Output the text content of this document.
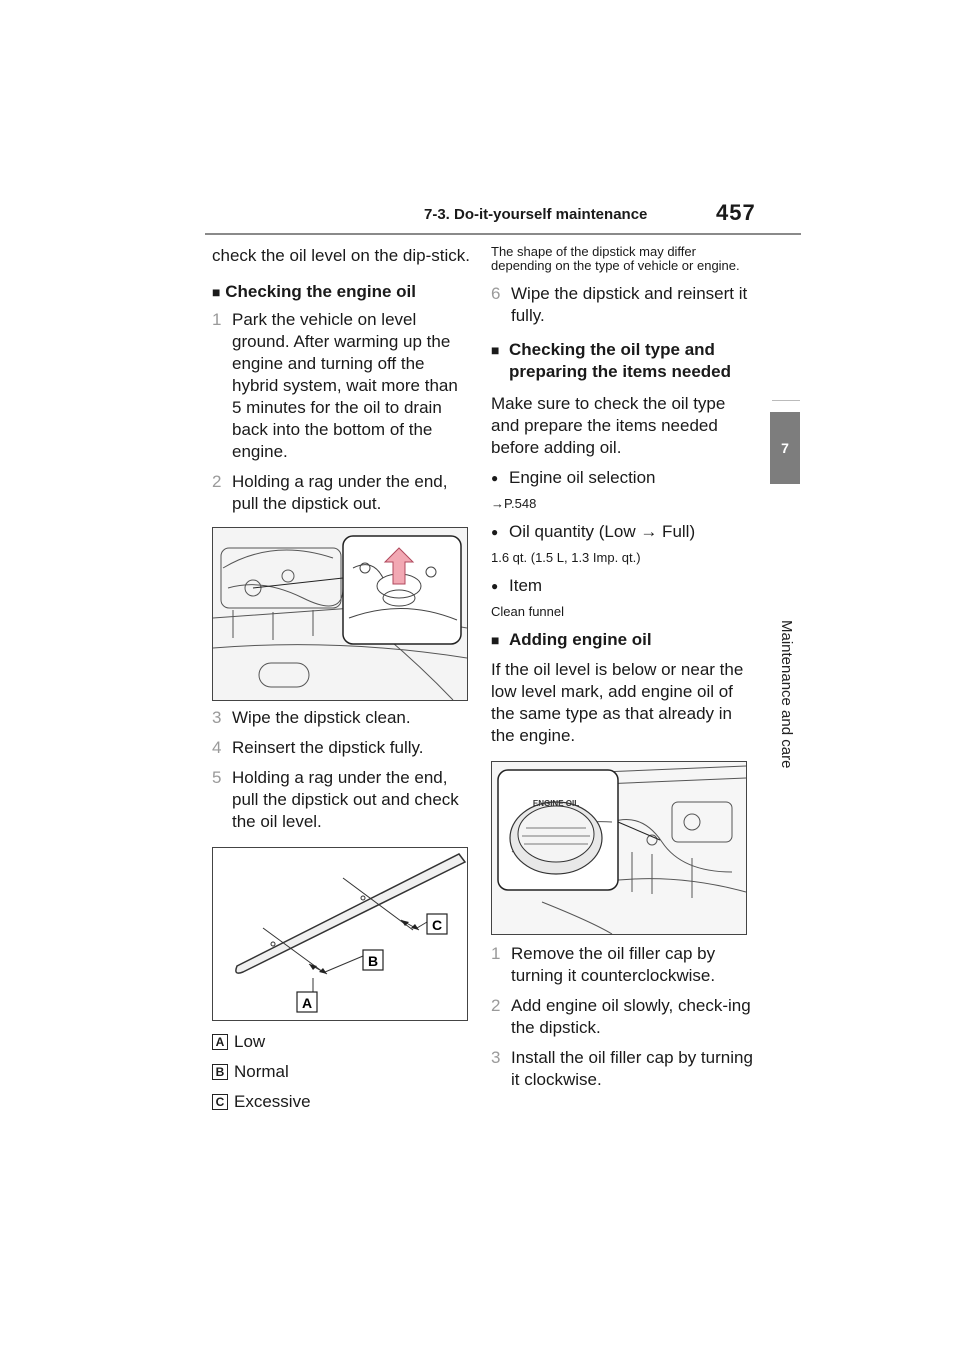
7-3. Do-it-yourself maintenance	457
7
Maintenance and care

check the oil level on the dip-stick.

■ Checking the engine oil

1 Park the vehicle on level ground. After warming up the engine and turning off the hybrid system, wait more than 5 minutes for the oil to drain back into the bottom of the engine.
2 Holding a rag under the end, pull the dipstick out.
3 Wipe the dipstick clean.
4 Reinsert the dipstick fully.
5 Holding a rag under the end, pull the dipstick out and check the oil level.
C
B
A
A Low
B Normal
C Excessive

The shape of the dipstick may differ depending on the type of vehicle or engine.

6 Wipe the dipstick and reinsert it fully.
■ Checking the oil type and preparing the items needed

Make sure to check the oil type and prepare the items needed before adding oil.

● Engine oil selection

→P.548

● Oil quantity (Low → Full)

1.6 qt. (1.5 L, 1.3 Imp. qt.)

● Item

Clean funnel

■ Adding engine oil

If the oil level is below or near the low level mark, add engine oil of the same type as that already in the engine.

ENGINE OIL
1 Remove the oil filler cap by turning it counterclockwise.
2 Add engine oil slowly, check-ing the dipstick.
3 Install the oil filler cap by turning it clockwise.
